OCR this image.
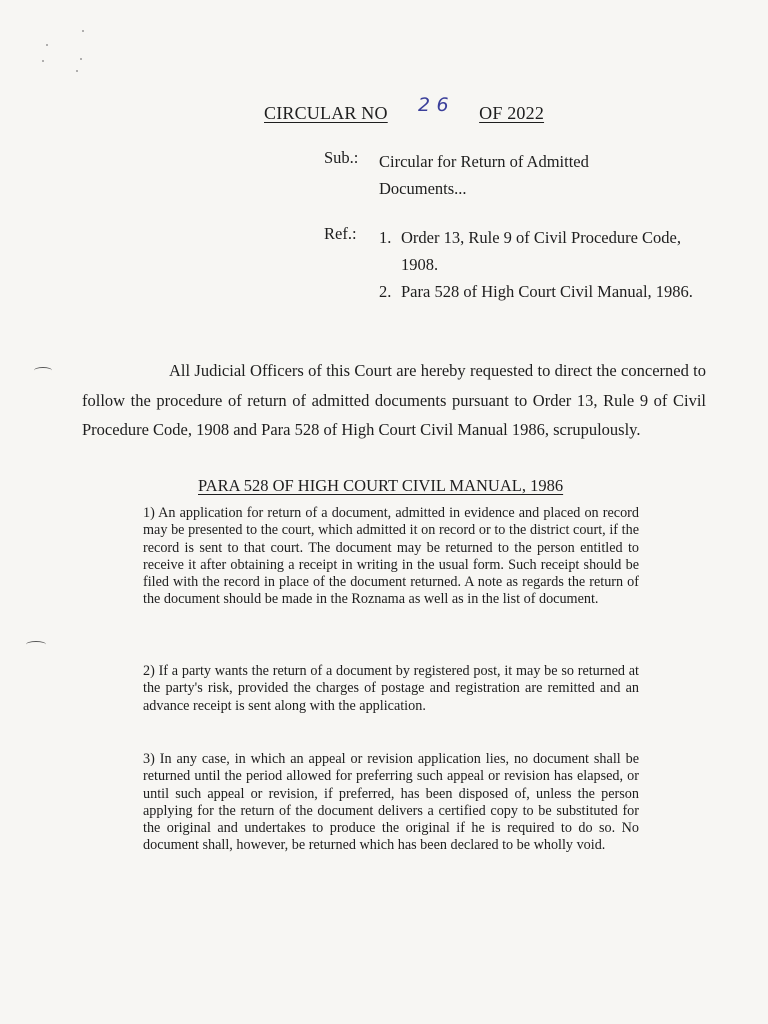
CIRCULAR NO 2 6 OF 2022
Sub.: Circular for Return of Admitted
Documents...
Ref.: 1. Order 13, Rule 9 of Civil Procedure Code, 1908.
2. Para 528 of High Court Civil Manual, 1986.

All Judicial Officers of this Court are hereby requested to direct the concerned to follow the procedure of return of admitted documents pursuant to Order 13, Rule 9 of Civil Procedure Code, 1908 and Para 528 of High Court Civil Manual 1986, scrupulously.

PARA 528 OF HIGH COURT CIVIL MANUAL, 1986

1) An application for return of a document, admitted in evidence and placed on record may be presented to the court, which admitted it on record or to the district court, if the record is sent to that court. The document may be returned to the person entitled to receive it after obtaining a receipt in writing in the usual form. Such receipt should be filed with the record in place of the document returned. A note as regards the return of the document should be made in the Roznama as well as in the list of document.

2) If a party wants the return of a document by registered post, it may be so returned at the party's risk, provided the charges of postage and registration are remitted and an advance receipt is sent along with the application.

3) In any case, in which an appeal or revision application lies, no document shall be returned until the period allowed for preferring such appeal or revision has elapsed, or until such appeal or revision, if preferred, has been disposed of, unless the person applying for the return of the document delivers a certified copy to be substituted for the original and undertakes to produce the original if he is required to do so. No document shall, however, be returned which has been declared to be wholly void.
